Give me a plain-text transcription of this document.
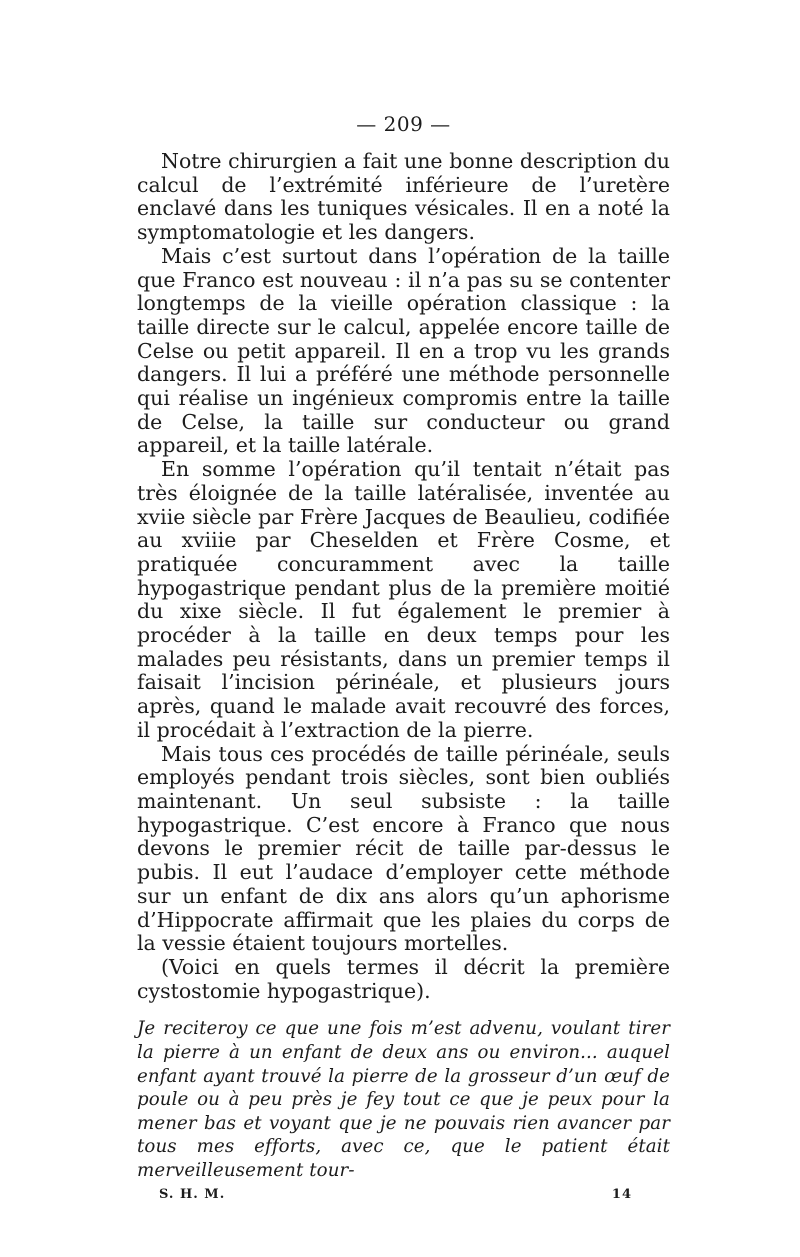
— 209 —

Notre chirurgien a fait une bonne description du calcul de l’extrémité inférieure de l’uretère enclavé dans les tuniques vésicales. Il en a noté la symptomatologie et les dangers.

Mais c’est surtout dans l’opération de la taille que Franco est nouveau : il n’a pas su se contenter longtemps de la vieille opération classique : la taille directe sur le calcul, appelée encore taille de Celse ou petit appareil. Il en a trop vu les grands dangers. Il lui a préféré une méthode personnelle qui réalise un ingénieux compromis entre la taille de Celse, la taille sur conducteur ou grand appareil, et la taille latérale.

En somme l’opération qu’il tentait n’était pas très éloignée de la taille latéralisée, inventée au xviie siècle par Frère Jacques de Beaulieu, codifiée au xviiie par Cheselden et Frère Cosme, et pratiquée concuramment avec la taille hypogastrique pendant plus de la première moitié du xixe siècle. Il fut également le premier à procéder à la taille en deux temps pour les malades peu résistants, dans un premier temps il faisait l’incision périnéale, et plusieurs jours après, quand le malade avait recouvré des forces, il procédait à l’extraction de la pierre.

Mais tous ces procédés de taille périnéale, seuls employés pendant trois siècles, sont bien oubliés maintenant. Un seul subsiste : la taille hypogastrique. C’est encore à Franco que nous devons le premier récit de taille par-dessus le pubis. Il eut l’audace d’employer cette méthode sur un enfant de dix ans alors qu’un aphorisme d’Hippocrate affirmait que les plaies du corps de la vessie étaient toujours mortelles.

(Voici en quels termes il décrit la première cystostomie hypogastrique).

Je reciteroy ce que une fois m’est advenu, voulant tirer la pierre à un enfant de deux ans ou environ... auquel enfant ayant trouvé la pierre de la grosseur d’un œuf de poule ou à peu près je fey tout ce que je peux pour la mener bas et voyant que je ne pouvais rien avancer par tous mes efforts, avec ce, que le patient était merveilleusement tour-

S. H. M.	14
